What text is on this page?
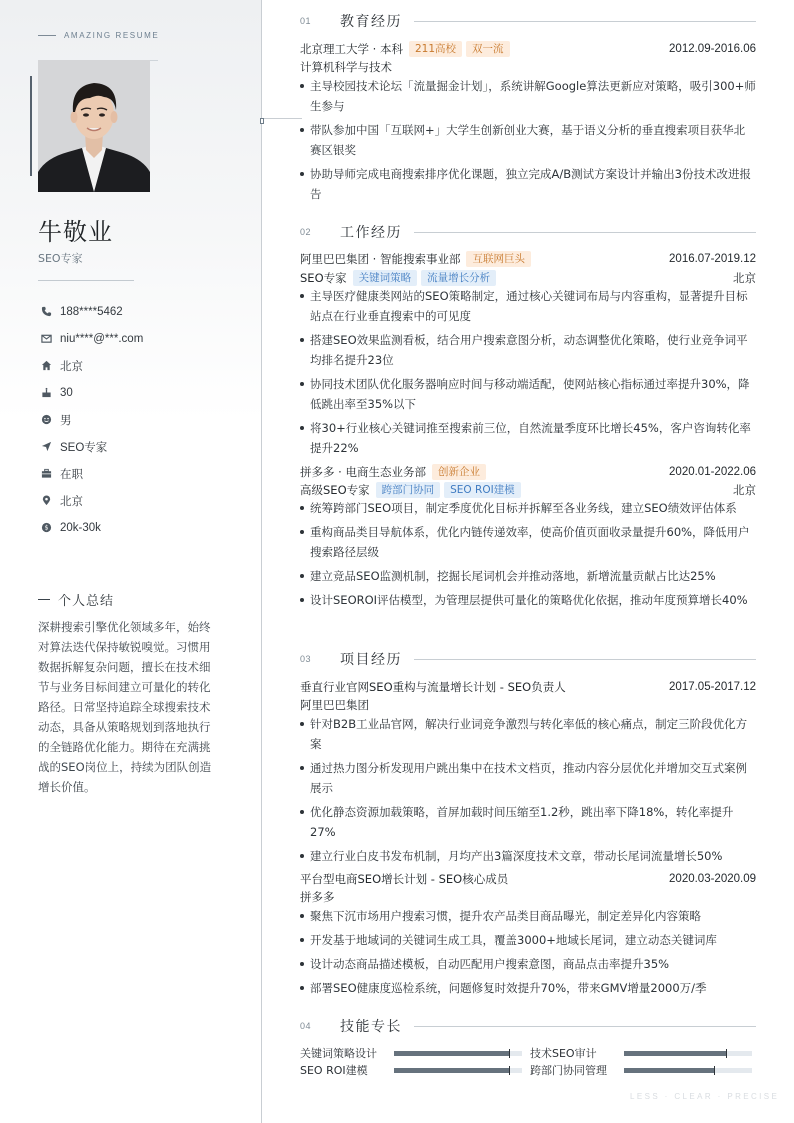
AMAZING RESUME
牛敬业
SEO专家
188****5462
niu****@***.com
北京
30
男
SEO专家
在职
北京
$ 20k-30k
个人总结

深耕搜索引擎优化领域多年，始终对算法迭代保持敏锐嗅觉。习惯用数据拆解复杂问题，擅长在技术细节与业务目标间建立可量化的转化路径。日常坚持追踪全球搜索技术动态，具备从策略规划到落地执行的全链路优化能力。期待在充满挑战的SEO岗位上，持续为团队创造增长价值。

01	教育经历
北京理工大学 · 本科	211高校	双一流	2012.09-2016.06
计算机科学与技术
主导校园技术论坛「流量掘金计划」，系统讲解Google算法更新应对策略，吸引300+师生参与
带队参加中国「互联网+」大学生创新创业大赛，基于语义分析的垂直搜索项目获华北赛区银奖
协助导师完成电商搜索排序优化课题，独立完成A/B测试方案设计并输出3份技术改进报告
02	工作经历
阿里巴巴集团 · 智能搜索事业部	互联网巨头	2016.07-2019.12
SEO专家	关键词策略	流量增长分析	北京
主导医疗健康类网站的SEO策略制定，通过核心关键词布局与内容重构，显著提升目标站点在行业垂直搜索中的可见度
搭建SEO效果监测看板，结合用户搜索意图分析，动态调整优化策略，使行业竞争词平均排名提升23位
协同技术团队优化服务器响应时间与移动端适配，使网站核心指标通过率提升30%，降低跳出率至35%以下
将30+行业核心关键词推至搜索前三位，自然流量季度环比增长45%，客户咨询转化率提升22%
拼多多 · 电商生态业务部	创新企业	2020.01-2022.06
高级SEO专家	跨部门协同	SEO ROI建模	北京
统筹跨部门SEO项目，制定季度优化目标并拆解至各业务线，建立SEO绩效评估体系
重构商品类目导航体系，优化内链传递效率，使高价值页面收录量提升60%，降低用户搜索路径层级
建立竞品SEO监测机制，挖掘长尾词机会并推动落地，新增流量贡献占比达25%
设计SEOROI评估模型，为管理层提供可量化的策略优化依据，推动年度预算增长40%
03	项目经历
垂直行业官网SEO重构与流量增长计划 - SEO负责人	2017.05-2017.12
阿里巴巴集团
针对B2B工业品官网，解决行业词竞争激烈与转化率低的核心痛点，制定三阶段优化方案
通过热力图分析发现用户跳出集中在技术文档页，推动内容分层优化并增加交互式案例展示
优化静态资源加载策略，首屏加载时间压缩至1.2秒，跳出率下降18%，转化率提升27%
建立行业白皮书发布机制，月均产出3篇深度技术文章，带动长尾词流量增长50%
平台型电商SEO增长计划 - SEO核心成员	2020.03-2020.09
拼多多
聚焦下沉市场用户搜索习惯，提升农产品类目商品曝光，制定差异化内容策略
开发基于地域词的关键词生成工具，覆盖3000+地域长尾词，建立动态关键词库
设计动态商品描述模板，自动匹配用户搜索意图，商品点击率提升35%
部署SEO健康度巡检系统，问题修复时效提升70%，带来GMV增量2000万/季
04	技能专长
关键词策略设计	技术SEO审计
SEO ROI建模	跨部门协同管理
LESS · CLEAR · PRECISE
